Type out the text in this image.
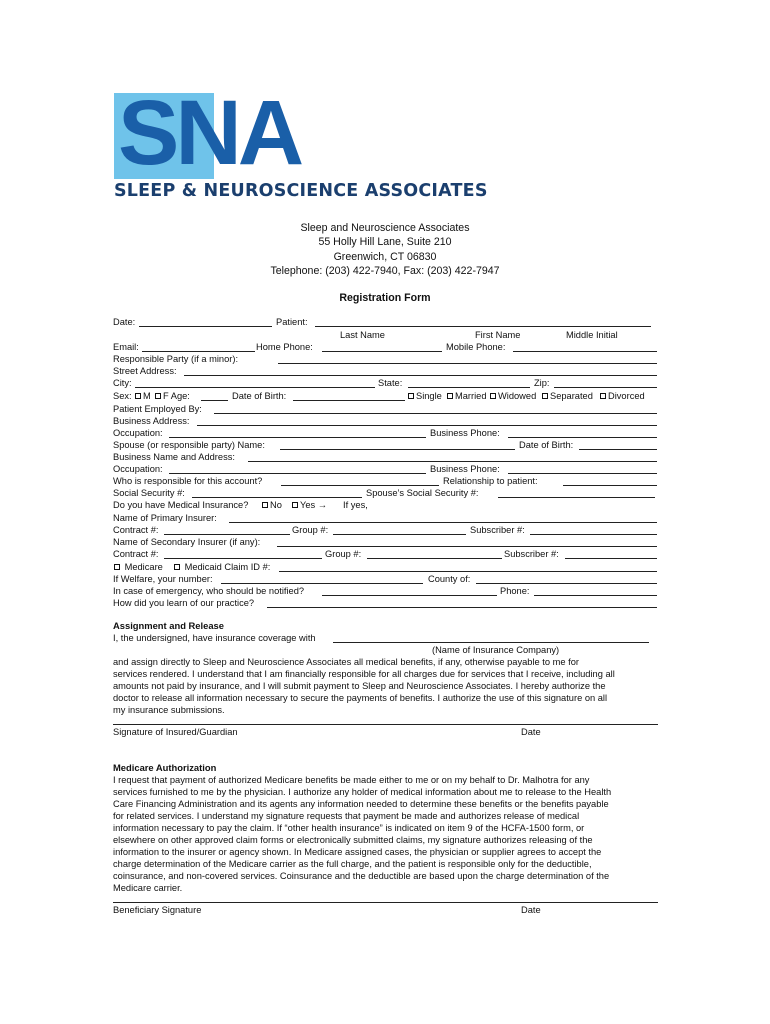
SNA
SLEEP & NEUROSCIENCE ASSOCIATES
Sleep and Neuroscience Associates
55 Holly Hill Lane, Suite 210
Greenwich, CT 06830
Telephone: (203) 422-7940, Fax: (203) 422-7947
Registration Form
Date:	Patient:
Last Name	First Name	Middle Initial
Email:	Home Phone:	Mobile Phone:
Responsible Party (if a minor):
Street Address:
City:	State:	Zip:
Sex:	M	F Age:	Date of Birth:	Single	Married	Widowed	Separated	Divorced
Patient Employed By:
Business Address:
Occupation:	Business Phone:
Spouse (or responsible party) Name:	Date of Birth:
Business Name and Address:
Occupation:	Business Phone:
Who is responsible for this account?	Relationship to patient:
Social Security #:	Spouse’s Social Security #:
Do you have Medical Insurance?	No	Yes → If yes,
Name of Primary Insurer:
Contract #:	Group #:	Subscriber #:
Name of Secondary Insurer (if any):
Contract #:	Group #:	Subscriber #:
Medicare	Medicaid Claim ID #:
If Welfare, your number:	County of:
In case of emergency, who should be notified?	Phone:
How did you learn of our practice?
Assignment and Release
I, the undersigned, have insurance coverage with
(Name of Insurance Company)
and assign directly to Sleep and Neuroscience Associates all medical benefits, if any, otherwise payable to me for
services rendered. I understand that I am financially responsible for all charges due for services that I receive, including all
amounts not paid by insurance, and I will submit payment to Sleep and Neuroscience Associates. I hereby authorize the
doctor to release all information necessary to secure the payments of benefits. I authorize the use of this signature on all
my insurance submissions.
Signature of Insured/Guardian	Date
Medicare Authorization
I request that payment of authorized Medicare benefits be made either to me or on my behalf to Dr. Malhotra for any
services furnished to me by the physician. I authorize any holder of medical information about me to release to the Health
Care Financing Administration and its agents any information needed to determine these benefits or the benefits payable
for related services. I understand my signature requests that payment be made and authorizes release of medical
information necessary to pay the claim. If “other health insurance” is indicated on item 9 of the HCFA-1500 form, or
elsewhere on other approved claim forms or electronically submitted claims, my signature authorizes releasing of the
information to the insurer or agency shown. In Medicare assigned cases, the physician or supplier agrees to accept the
charge determination of the Medicare carrier as the full charge, and the patient is responsible only for the deductible,
coinsurance, and non-covered services. Coinsurance and the deductible are based upon the charge determination of the
Medicare carrier.
Beneficiary Signature	Date
